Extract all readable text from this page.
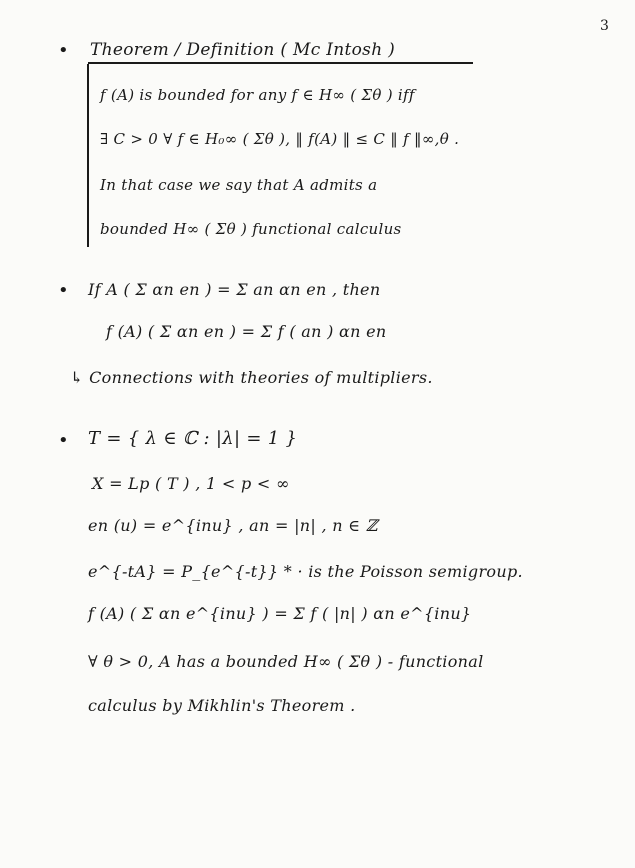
3
• Theorem / Definition ( Mc Intosh )
f (A) is bounded for any f ∈ H∞ ( Σθ ) iff
∃ C > 0 ∀ f ∈ H₀∞ ( Σθ ), ‖ f(A) ‖ ≤ C ‖ f ‖∞,θ .
In that case we say that A admits a
bounded H∞ ( Σθ ) functional calculus
• If A ( Σ αn en ) = Σ an αn en , then
f (A) ( Σ αn en ) = Σ f ( an ) αn en
↳ Connections with theories of multipliers.
• T = { λ ∈ ℂ : |λ| = 1 }
X = Lp ( T ) , 1 < p < ∞
en (u) = e^{inu} , an = |n| , n ∈ ℤ
e^{-tA} = P_{e^{-t}} * · is the Poisson semigroup.
f (A) ( Σ αn e^{inu} ) = Σ f ( |n| ) αn e^{inu}
∀ θ > 0, A has a bounded H∞ ( Σθ ) - functional
calculus by Mikhlin's Theorem .
